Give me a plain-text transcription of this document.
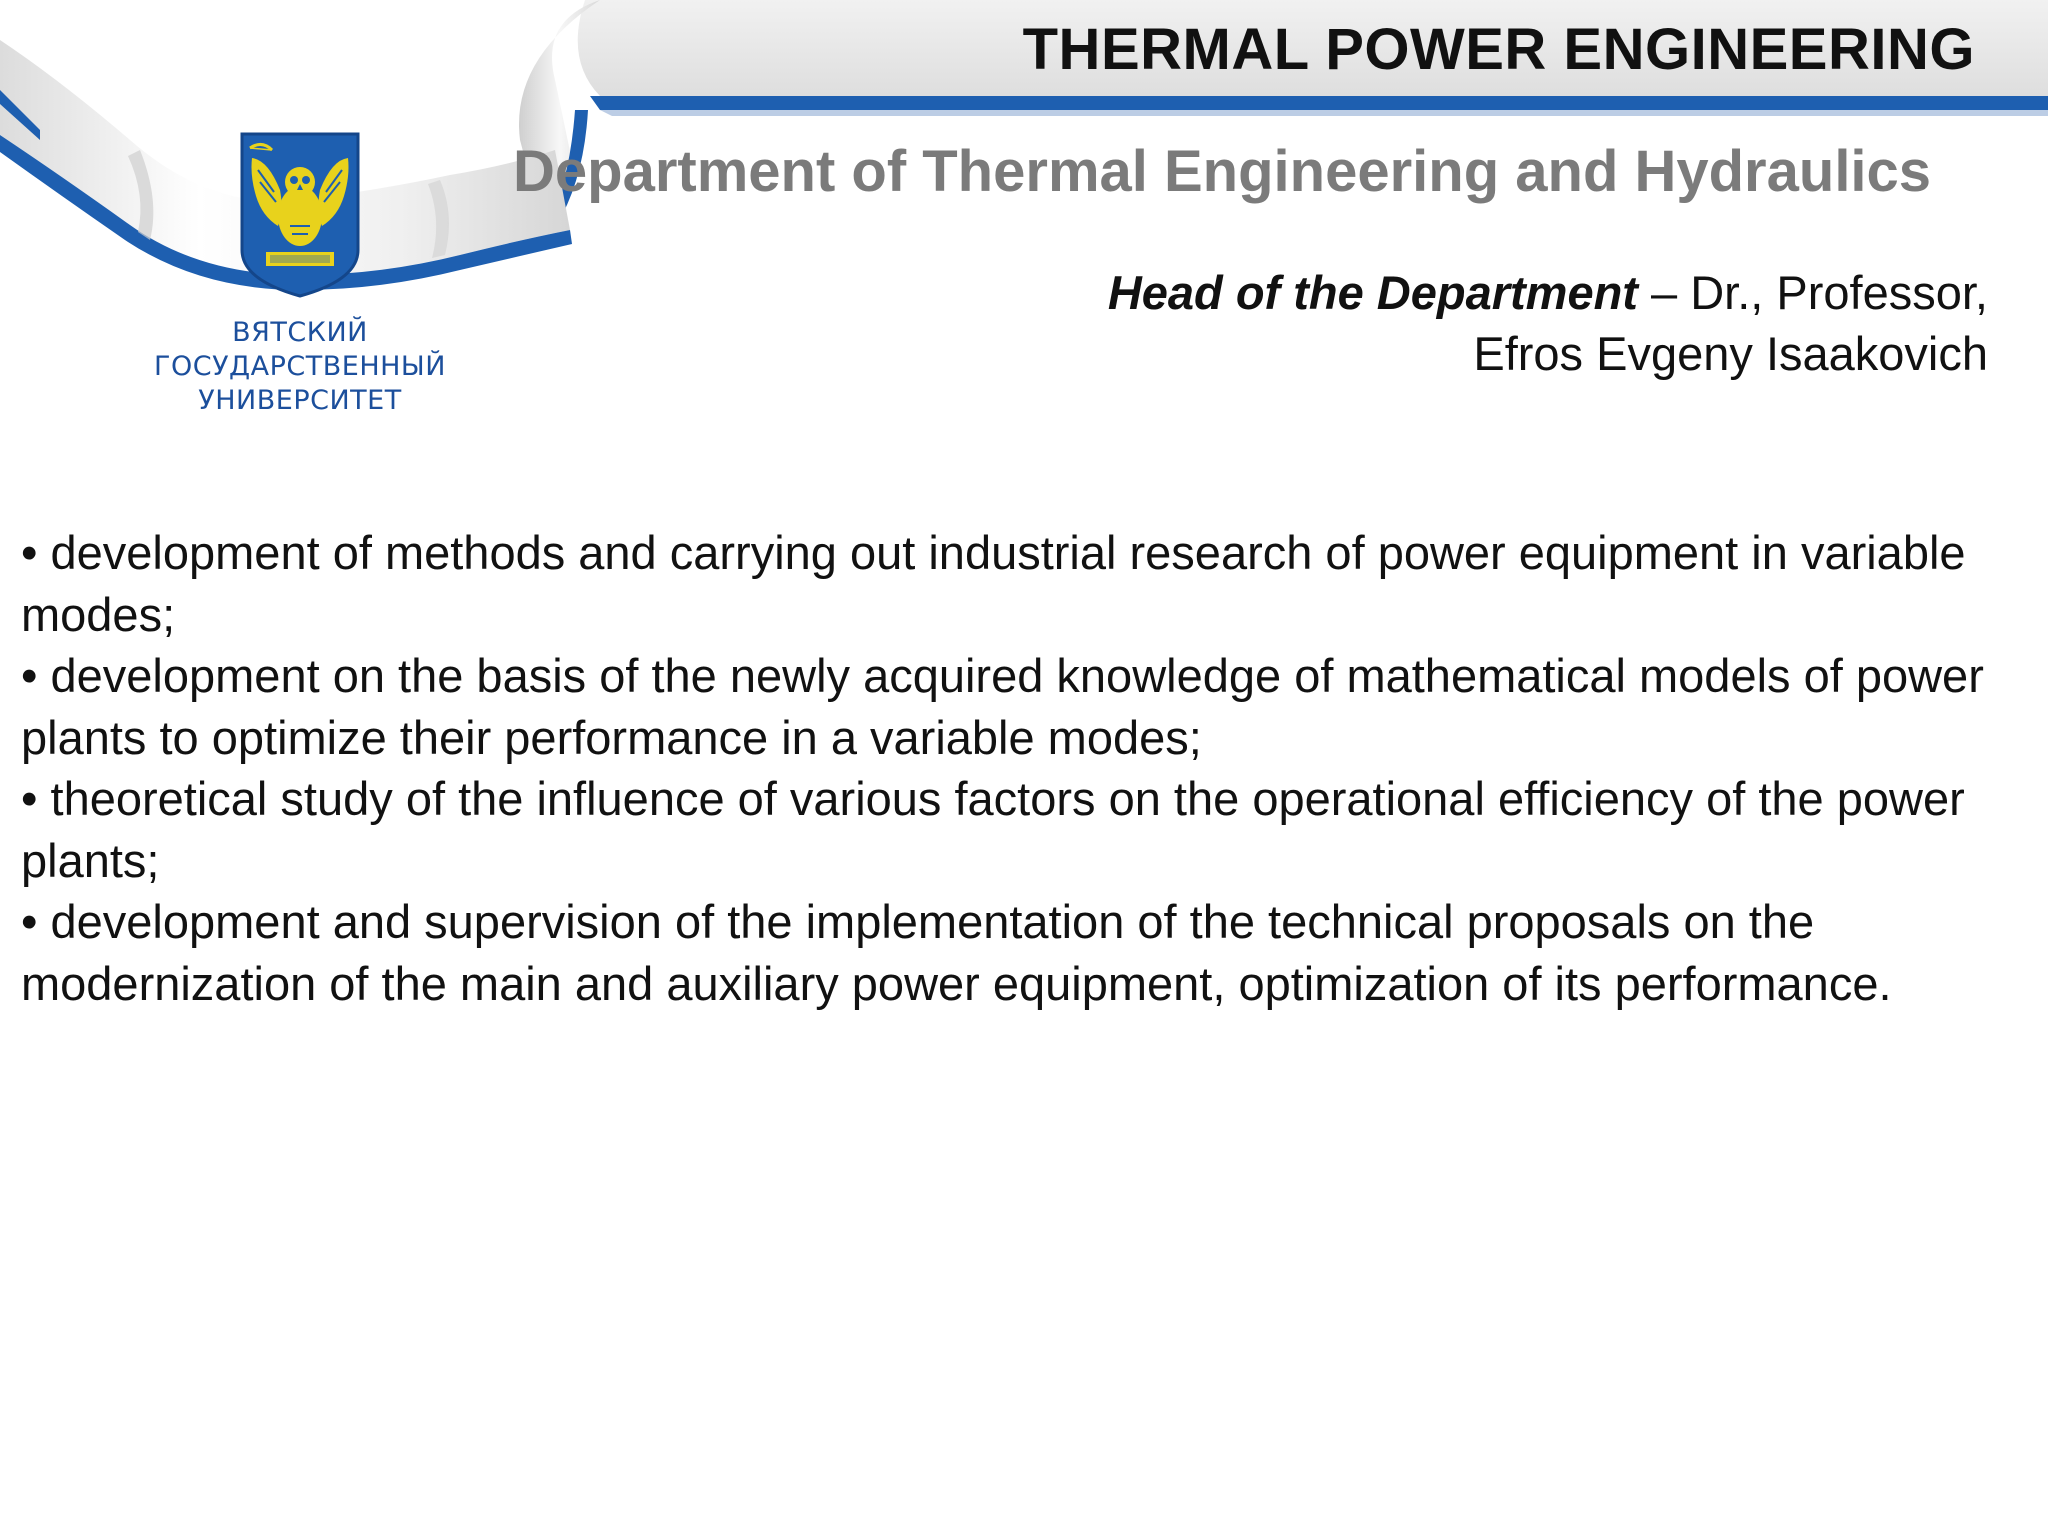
ВЯТСКИЙ
ГОСУДАРСТВЕННЫЙ
УНИВЕРСИТЕТ
THERMAL POWER ENGINEERING
Department of Thermal Engineering and Hydraulics
Head of the Department – Dr., Professor,
Efros Evgeny Isaakovich

• development of methods and carrying out industrial research of power equipment in variable modes;

• development on the basis of the newly acquired knowledge of mathematical models of power plants to optimize their performance in a variable modes;

• theoretical study of the influence of various factors on the operational efficiency of the power plants;

• development and supervision of the implementation of the technical proposals on the modernization of the main and auxiliary power equipment, optimization of its performance.
